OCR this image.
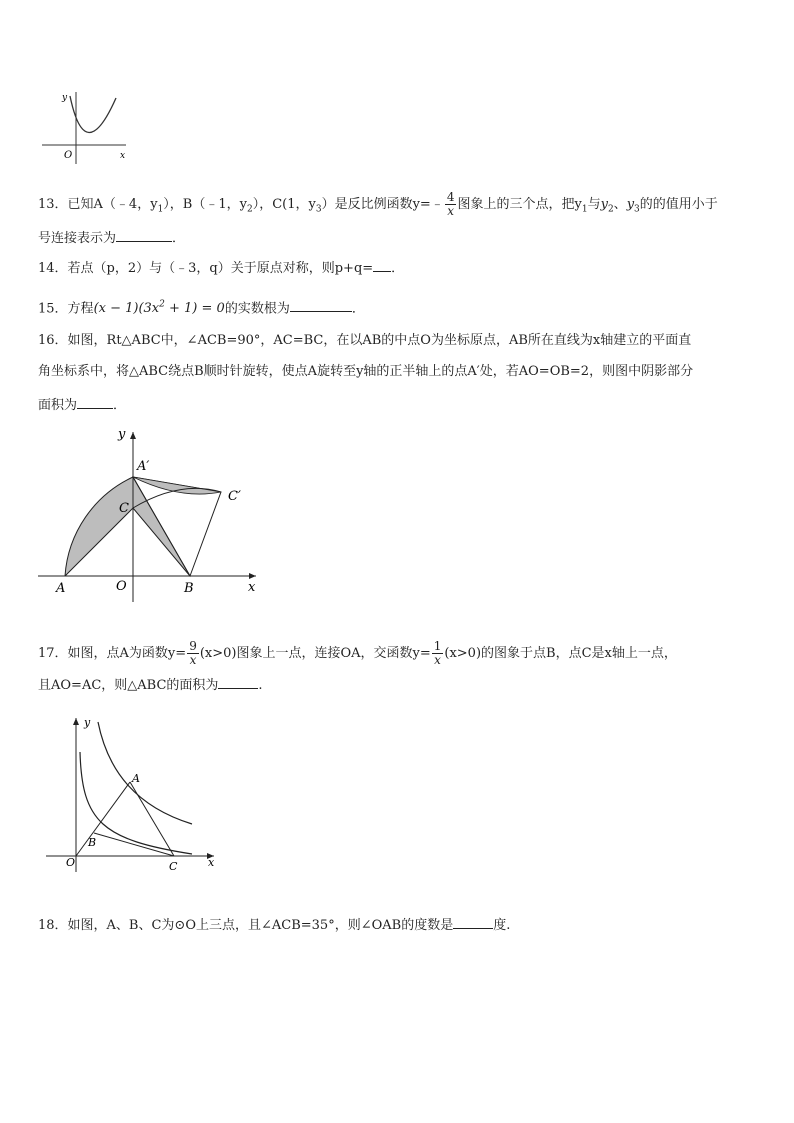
y
x
O
13．已知A（﹣4，$y_1$），B（﹣1，$y_2$），C(1，$y_3$）是反比例函数y=﹣ $\frac{4}{x}$ 图象上的三个点，把$y_1$与$y_2$、$y_3$的的值用小于
号连接表示为	．
14．若点（p，2）与（﹣3，q）关于原点对称，则p+q= ．
15．方程$(x - 1)(3x^2 + 1) = 0$的实数根为	．
16．如图，Rt△ABC中，∠ACB=90°，AC=BC，在以AB的中点O为坐标原点，AB所在直线为x轴建立的平面直
角坐标系中，将△ABC绕点B顺时针旋转，使点A旋转至y轴的正半轴上的点A′处，若AO=OB=2，则图中阴影部分
面积为	．
y
x
A	O	B
C
A′
C′
17．如图，点A为函数$y= \frac{9}{x} (x>0)$图象上一点，连接OA，交函数$y= \frac{1}{x} (x>0)$的图象于点B，点C是x轴上一点，
且AO=AC，则△ABC的面积为	.
y
x
O
A
B
C
18．如图，A、B、C为⊙O上三点，且∠ACB=35°，则∠OAB的度数是	度.
